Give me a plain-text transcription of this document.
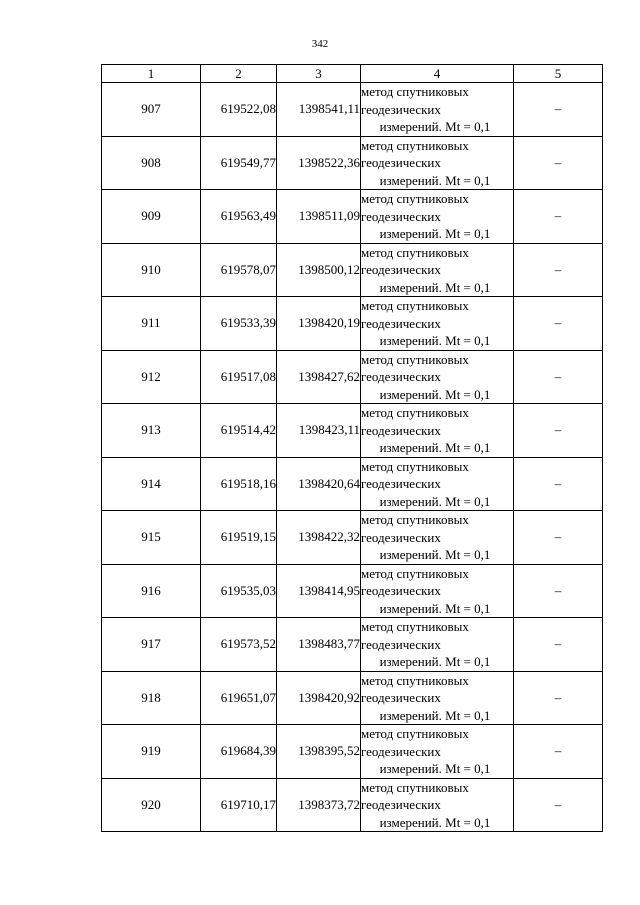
342
1	2	3	4	5
907	619522,08	1398541,11	метод спутниковых
геодезических
измерений. Mt = 0,1	–
908	619549,77	1398522,36	метод спутниковых
геодезических
измерений. Mt = 0,1	–
909	619563,49	1398511,09	метод спутниковых
геодезических
измерений. Mt = 0,1	–
910	619578,07	1398500,12	метод спутниковых
геодезических
измерений. Mt = 0,1	–
911	619533,39	1398420,19	метод спутниковых
геодезических
измерений. Mt = 0,1	–
912	619517,08	1398427,62	метод спутниковых
геодезических
измерений. Mt = 0,1	–
913	619514,42	1398423,11	метод спутниковых
геодезических
измерений. Mt = 0,1	–
914	619518,16	1398420,64	метод спутниковых
геодезических
измерений. Mt = 0,1	–
915	619519,15	1398422,32	метод спутниковых
геодезических
измерений. Mt = 0,1	–
916	619535,03	1398414,95	метод спутниковых
геодезических
измерений. Mt = 0,1	–
917	619573,52	1398483,77	метод спутниковых
геодезических
измерений. Mt = 0,1	–
918	619651,07	1398420,92	метод спутниковых
геодезических
измерений. Mt = 0,1	–
919	619684,39	1398395,52	метод спутниковых
геодезических
измерений. Mt = 0,1	–
920	619710,17	1398373,72	метод спутниковых
геодезических
измерений. Mt = 0,1	–
